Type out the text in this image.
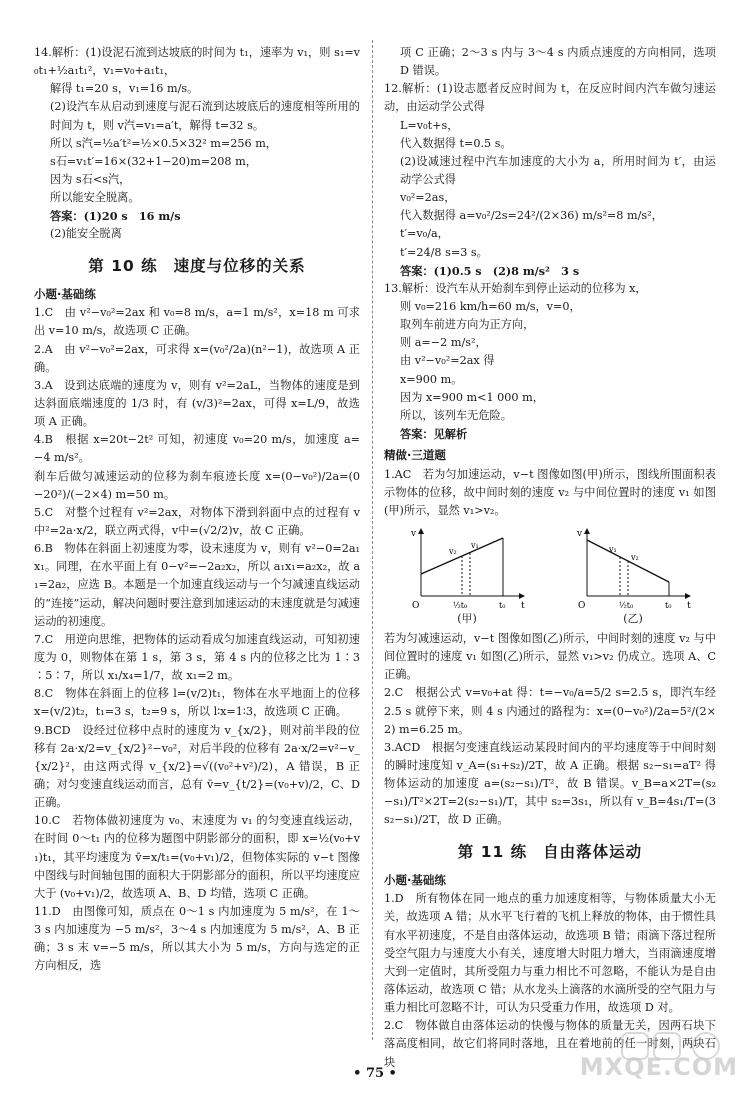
14.解析：(1)设泥石流到达坡底的时间为 t₁，速率为 v₁，则 s₁=v₀t₁+½a₁t₁²，v₁=v₀+a₁t₁，

解得 t₁=20 s，v₁=16 m/s。

(2)设汽车从启动到速度与泥石流到达坡底后的速度相等所用的时间为 t，则 v汽=v₁=a′t，解得 t=32 s。

所以 s汽=½a′t²=½×0.5×32² m=256 m，

s石=v₁t′=16×(32+1−20)m=208 m，

因为 s石<s汽，

所以能安全脱离。

答案：(1)20 s　16 m/s

(2)能安全脱离

第 10 练 速度与位移的关系
小题·基础练

1.C　由 v²−v₀²=2ax 和 v₀=8 m/s，a=1 m/s²，x=18 m 可求出 v=10 m/s，故选项 C 正确。

2.A　由 v²−v₀²=2ax，可求得 x=(v₀²/2a)(n²−1)，故选项 A 正确。

3.A　设到达底端的速度为 v，则有 v²=2aL，当物体的速度是到达斜面底端速度的 1/3 时，有 (v/3)²=2ax，可得 x=L/9，故选项 A 正确。

4.B　根据 x=20t−2t² 可知，初速度 v₀=20 m/s，加速度 a=−4 m/s²。

刹车后做匀减速运动的位移为刹车痕迹长度 x=(0−v₀²)/2a=(0−20²)/(−2×4) m=50 m。

5.C　对整个过程有 v²=2ax，对物体下滑到斜面中点的过程有 v中²=2a·x/2，联立两式得，v中=(√2/2)v，故 C 正确。

6.B　物体在斜面上初速度为零，设末速度为 v，则有 v²−0=2a₁x₁。同理，在水平面上有 0−v²=−2a₂x₂，所以 a₁x₁=a₂x₂，故 a₁=2a₂，应选 B。本题是一个加速直线运动与一个匀减速直线运动的“连接”运动，解决问题时要注意到加速运动的末速度就是匀减速运动的初速度。

7.C　用逆向思维，把物体的运动看成匀加速直线运动，可知初速度为 0，则物体在第 1 s，第 3 s，第 4 s 内的位移之比为 1∶3∶5∶7，所以 x₁/x₄=1/7，故 x₁=2 m。

8.C　物体在斜面上的位移 l=(v/2)t₁，物体在水平地面上的位移 x=(v/2)t₂，t₁=3 s，t₂=9 s，所以 l∶x=1∶3，故选项 C 正确。

9.BCD　设经过位移中点时的速度为 v_{x/2}，则对前半段的位移有 2a·x/2=v_{x/2}²−v₀²，对后半段的位移有 2a·x/2=v²−v_{x/2}²，由这两式得 v_{x/2}=√((v₀²+v²)/2)，A 错误，B 正确；对匀变速直线运动而言，总有 v̄=v_{t/2}=(v₀+v)/2，C、D 正确。

10.C　若物体做初速度为 v₀、末速度为 v₁ 的匀变速直线运动，在时间 0～t₁ 内的位移为题图中阴影部分的面积，即 x=½(v₀+v₁)t₁，其平均速度为 v̄=x/t₁=(v₀+v₁)/2，但物体实际的 v−t 图像中图线与时间轴包围的面积大于阴影部分的面积，所以平均速度应大于 (v₀+v₁)/2，故选项 A、B、D 均错，选项 C 正确。

11.D　由图像可知，质点在 0～1 s 内加速度为 5 m/s²，在 1～3 s 内加速度为 −5 m/s²，3～4 s 内加速度为 5 m/s²，A、B 正确；3 s 末 v=−5 m/s，所以其大小为 5 m/s，方向与选定的正方向相反，选

项 C 正确；2～3 s 内与 3～4 s 内质点速度的方向相同，选项 D 错误。

12.解析：(1)设志愿者反应时间为 t，在反应时间内汽车做匀速运动，由运动学公式得

L=v₀t+s，

代入数据得 t=0.5 s。

(2)设减速过程中汽车加速度的大小为 a，所用时间为 t′，由运动学公式得

v₀²=2as，

代入数据得 a=v₀²/2s=24²/(2×36) m/s²=8 m/s²，

t′=v₀/a，

t′=24/8 s=3 s。

答案：(1)0.5 s　(2)8 m/s²　3 s

13.解析：设汽车从开始刹车到停止运动的位移为 x，

则 v₀=216 km/h=60 m/s，v=0，

取列车前进方向为正方向，

则 a=−2 m/s²，

由 v²−v₀²=2ax 得

x=900 m。

因为 x=900 m<1 000 m，

所以，该列车无危险。

答案：见解析

精做·三道题

1.AC　若为匀加速运动，v−t 图像如图(甲)所示，图线所围面积表示物体的位移，故中间时刻的速度 v₂ 与中间位置时的速度 v₁ 如图(甲)所示，显然 v₁>v₂。

v
t
O	½t₀	t₀
v₂
v₁
(甲)
v
t
O	½t₀	t₀
v₁
v₂
(乙)

若为匀减速运动，v−t 图像如图(乙)所示，中间时刻的速度 v₂ 与中间位置时的速度 v₁ 如图(乙)所示，显然 v₁>v₂ 仍成立。选项 A、C 正确。

2.C　根据公式 v=v₀+at 得：t=−v₀/a=5/2 s=2.5 s，即汽车经 2.5 s 就停下来，则 4 s 内通过的路程为：x=(0−v₀²)/2a=5²/(2×2) m=6.25 m。

3.ACD　根据匀变速直线运动某段时间内的平均速度等于中间时刻的瞬时速度知 v_A=(s₁+s₂)/2T，故 A 正确。根据 s₂−s₁=aT² 得物体运动的加速度 a=(s₂−s₁)/T²，故 B 错误。v_B=a×2T=(s₂−s₁)/T²×2T=2(s₂−s₁)/T，其中 s₂=3s₁，所以有 v_B=4s₁/T=(3s₂−s₁)/2T，故 D 正确。

第 11 练 自由落体运动
小题·基础练

1.D　所有物体在同一地点的重力加速度相等，与物体质量大小无关，故选项 A 错；从水平飞行着的飞机上释放的物体，由于惯性具有水平初速度，不是自由落体运动，故选项 B 错；雨滴下落过程所受空气阻力与速度大小有关，速度增大时阻力增大，当雨滴速度增大到一定值时，其所受阻力与重力相比不可忽略，不能认为是自由落体运动，故选项 C 错；从水龙头上滴落的水滴所受的空气阻力与重力相比可忽略不计，可认为只受重力作用，故选项 D 对。

2.C　物体做自由落体运动的快慢与物体的质量无关，因两石块下落高度相同，故它们将同时落地，且在着地前的任一时刻，两块石块

• 75 •	MXQE.COM
